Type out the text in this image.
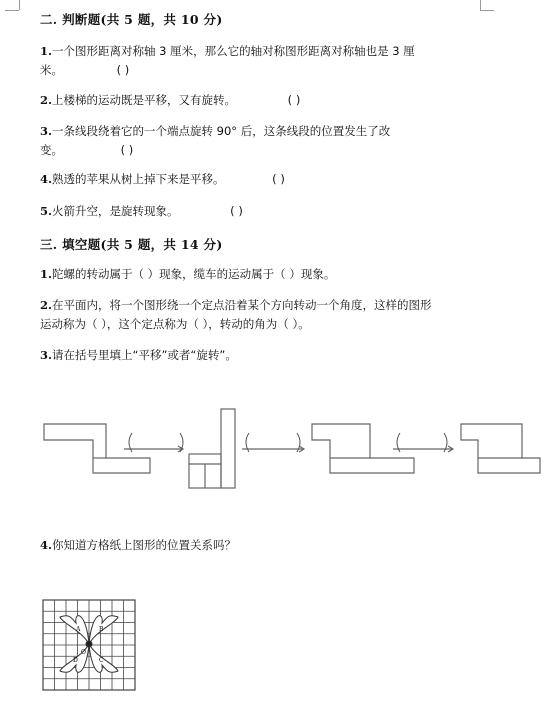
二. 判断题(共 5 题，共 10 分)
1.一个图形距离对称轴 3 厘米，那么它的轴对称图形距离对称轴也是 3 厘
米。	( )
2.上楼梯的运动既是平移，又有旋转。	( )
3.一条线段绕着它的一个端点旋转 90° 后，这条线段的位置发生了改
变。	( )
4.熟透的苹果从树上掉下来是平移。	( )
5.火箭升空，是旋转现象。	( )
三. 填空题(共 5 题，共 14 分)
1.陀螺的转动属于（ ）现象，缆车的运动属于（ ）现象。
2.在平面内，将一个图形绕一个定点沿着某个方向转动一个角度，这样的图形
运动称为（ ），这个定点称为（ ），转动的角为（ ）。
3.请在括号里填上“平移”或者“旋转”。
4.你知道方格纸上图形的位置关系吗？
A	B
C
D
O
